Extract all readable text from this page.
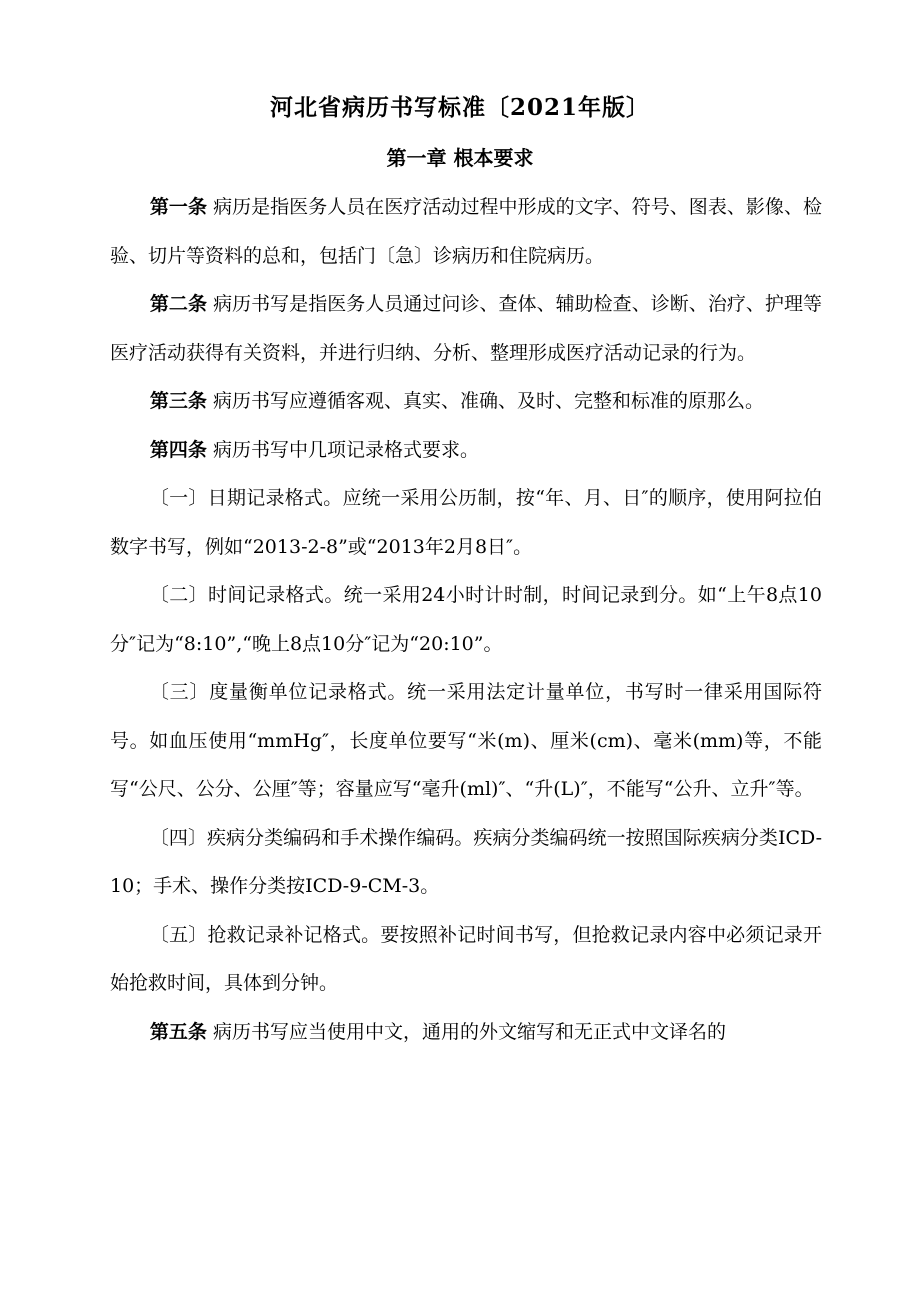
河北省病历书写标准〔2021年版〕
第一章 根本要求

第一条 病历是指医务人员在医疗活动过程中形成的文字、符号、图表、影像、检验、切片等资料的总和，包括门〔急〕诊病历和住院病历。

第二条 病历书写是指医务人员通过问诊、查体、辅助检查、诊断、治疗、护理等医疗活动获得有关资料，并进行归纳、分析、整理形成医疗活动记录的行为。

第三条 病历书写应遵循客观、真实、准确、及时、完整和标准的原那么。

第四条 病历书写中几项记录格式要求。

〔一〕日期记录格式。应统一采用公历制，按“年、月、日″的顺序，使用阿拉伯数字书写，例如“2013-2-8”或“2013年2月8日″。

〔二〕时间记录格式。统一采用24小时计时制，时间记录到分。如“上午8点10分″记为“8:10”,“晚上8点10分″记为“20:10”。

〔三〕度量衡单位记录格式。统一采用法定计量单位，书写时一律采用国际符号。如血压使用“mmHg″，长度单位要写“米(m)、厘米(cm)、毫米(mm)等，不能写“公尺、公分、公厘″等；容量应写“毫升(ml)″、“升(L)″，不能写“公升、立升″等。

〔四〕疾病分类编码和手术操作编码。疾病分类编码统一按照国际疾病分类ICD-10；手术、操作分类按ICD-9-CM-3。

〔五〕抢救记录补记格式。要按照补记时间书写，但抢救记录内容中必须记录开始抢救时间，具体到分钟。

第五条 病历书写应当使用中文，通用的外文缩写和无正式中文译名的
